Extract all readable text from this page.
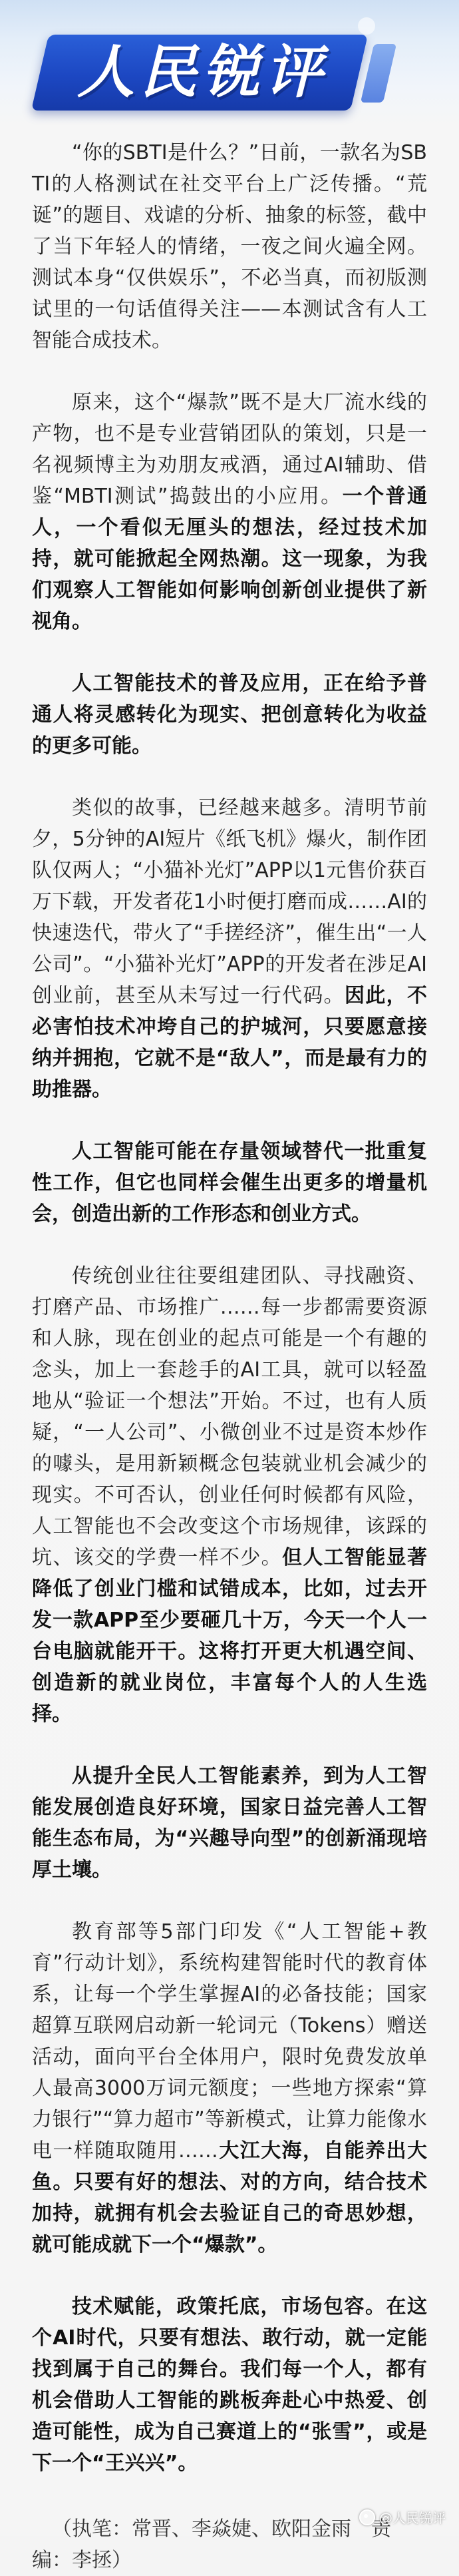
人民锐评

“你的SBTI是什么？”日前，一款名为SBTI的人格测试在社交平台上广泛传播。“荒诞”的题目、戏谑的分析、抽象的标签，截中了当下年轻人的情绪，一夜之间火遍全网。测试本身“仅供娱乐”，不必当真，而初版测试里的一句话值得关注——本测试含有人工智能合成技术。

原来，这个“爆款”既不是大厂流水线的产物，也不是专业营销团队的策划，只是一名视频博主为劝朋友戒酒，通过AI辅助、借鉴“MBTI测试”捣鼓出的小应用。一个普通人，一个看似无厘头的想法，经过技术加持，就可能掀起全网热潮。这一现象，为我们观察人工智能如何影响创新创业提供了新视角。

人工智能技术的普及应用，正在给予普通人将灵感转化为现实、把创意转化为收益的更多可能。

类似的故事，已经越来越多。清明节前夕，5分钟的AI短片《纸飞机》爆火，制作团队仅两人；“小猫补光灯”APP以1元售价获百万下载，开发者花1小时便打磨而成……AI的快速迭代，带火了“手搓经济”，催生出“一人公司”。“小猫补光灯”APP的开发者在涉足AI创业前，甚至从未写过一行代码。因此，不必害怕技术冲垮自己的护城河，只要愿意接纳并拥抱，它就不是“敌人”，而是最有力的助推器。

人工智能可能在存量领域替代一批重复性工作，但它也同样会催生出更多的增量机会，创造出新的工作形态和创业方式。

传统创业往往要组建团队、寻找融资、打磨产品、市场推广……每一步都需要资源和人脉，现在创业的起点可能是一个有趣的念头，加上一套趁手的AI工具，就可以轻盈地从“验证一个想法”开始。不过，也有人质疑，“一人公司”、小微创业不过是资本炒作的噱头，是用新颖概念包装就业机会减少的现实。不可否认，创业任何时候都有风险，人工智能也不会改变这个市场规律，该踩的坑、该交的学费一样不少。但人工智能显著降低了创业门槛和试错成本，比如，过去开发一款APP至少要砸几十万，今天一个人一台电脑就能开干。这将打开更大机遇空间、创造新的就业岗位，丰富每个人的人生选择。

从提升全民人工智能素养，到为人工智能发展创造良好环境，国家日益完善人工智能生态布局，为“兴趣导向型”的创新涌现培厚土壤。

教育部等5部门印发《“人工智能+教育”行动计划》，系统构建智能时代的教育体系，让每一个学生掌握AI的必备技能；国家超算互联网启动新一轮词元（Tokens）赠送活动，面向平台全体用户，限时免费发放单人最高3000万词元额度；一些地方探索“算力银行”“算力超市”等新模式，让算力能像水电一样随取随用……大江大海，自能养出大鱼。只要有好的想法、对的方向，结合技术加持，就拥有机会去验证自己的奇思妙想，就可能成就下一个“爆款”。

技术赋能，政策托底，市场包容。在这个AI时代，只要有想法、敢行动，就一定能找到属于自己的舞台。我们每一个人，都有机会借助人工智能的跳板奔赴心中热爱、创造可能性，成为自己赛道上的“张雪”，或是下一个“王兴兴”。

（执笔：常晋、李焱婕、欧阳金雨　责编：李拯）
@人民锐评
